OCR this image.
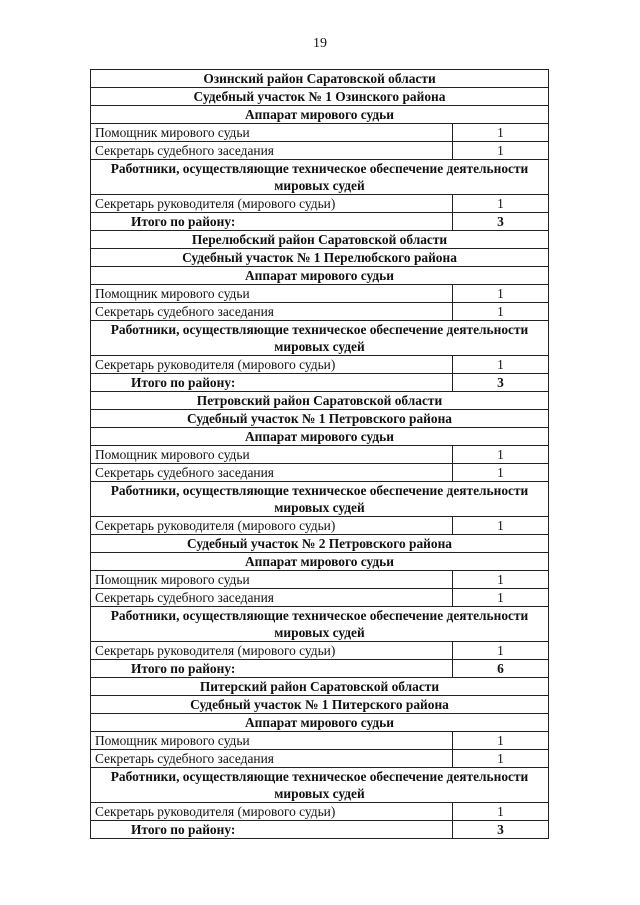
19
Озинский район Саратовской области	
Судебный участок № 1 Озинского района	
Аппарат мирового судьи	
Помощник мирового судьи	1
Секретарь судебного заседания	1
Работники, осуществляющие техническое обеспечение деятельности мировых судей	
Секретарь руководителя (мирового судьи)	1
Итого по району:	3
Перелюбский район Саратовской области	
Судебный участок № 1 Перелюбского района	
Аппарат мирового судьи	
Помощник мирового судьи	1
Секретарь судебного заседания	1
Работники, осуществляющие техническое обеспечение деятельности мировых судей	
Секретарь руководителя (мирового судьи)	1
Итого по району:	3
Петровский район Саратовской области	
Судебный участок № 1 Петровского района	
Аппарат мирового судьи	
Помощник мирового судьи	1
Секретарь судебного заседания	1
Работники, осуществляющие техническое обеспечение деятельности мировых судей	
Секретарь руководителя (мирового судьи)	1
Судебный участок № 2 Петровского района	
Аппарат мирового судьи	
Помощник мирового судьи	1
Секретарь судебного заседания	1
Работники, осуществляющие техническое обеспечение деятельности мировых судей	
Секретарь руководителя (мирового судьи)	1
Итого по району:	6
Питерский район Саратовской области	
Судебный участок № 1 Питерского района	
Аппарат мирового судьи	
Помощник мирового судьи	1
Секретарь судебного заседания	1
Работники, осуществляющие техническое обеспечение деятельности мировых судей	
Секретарь руководителя (мирового судьи)	1
Итого по району:	3
